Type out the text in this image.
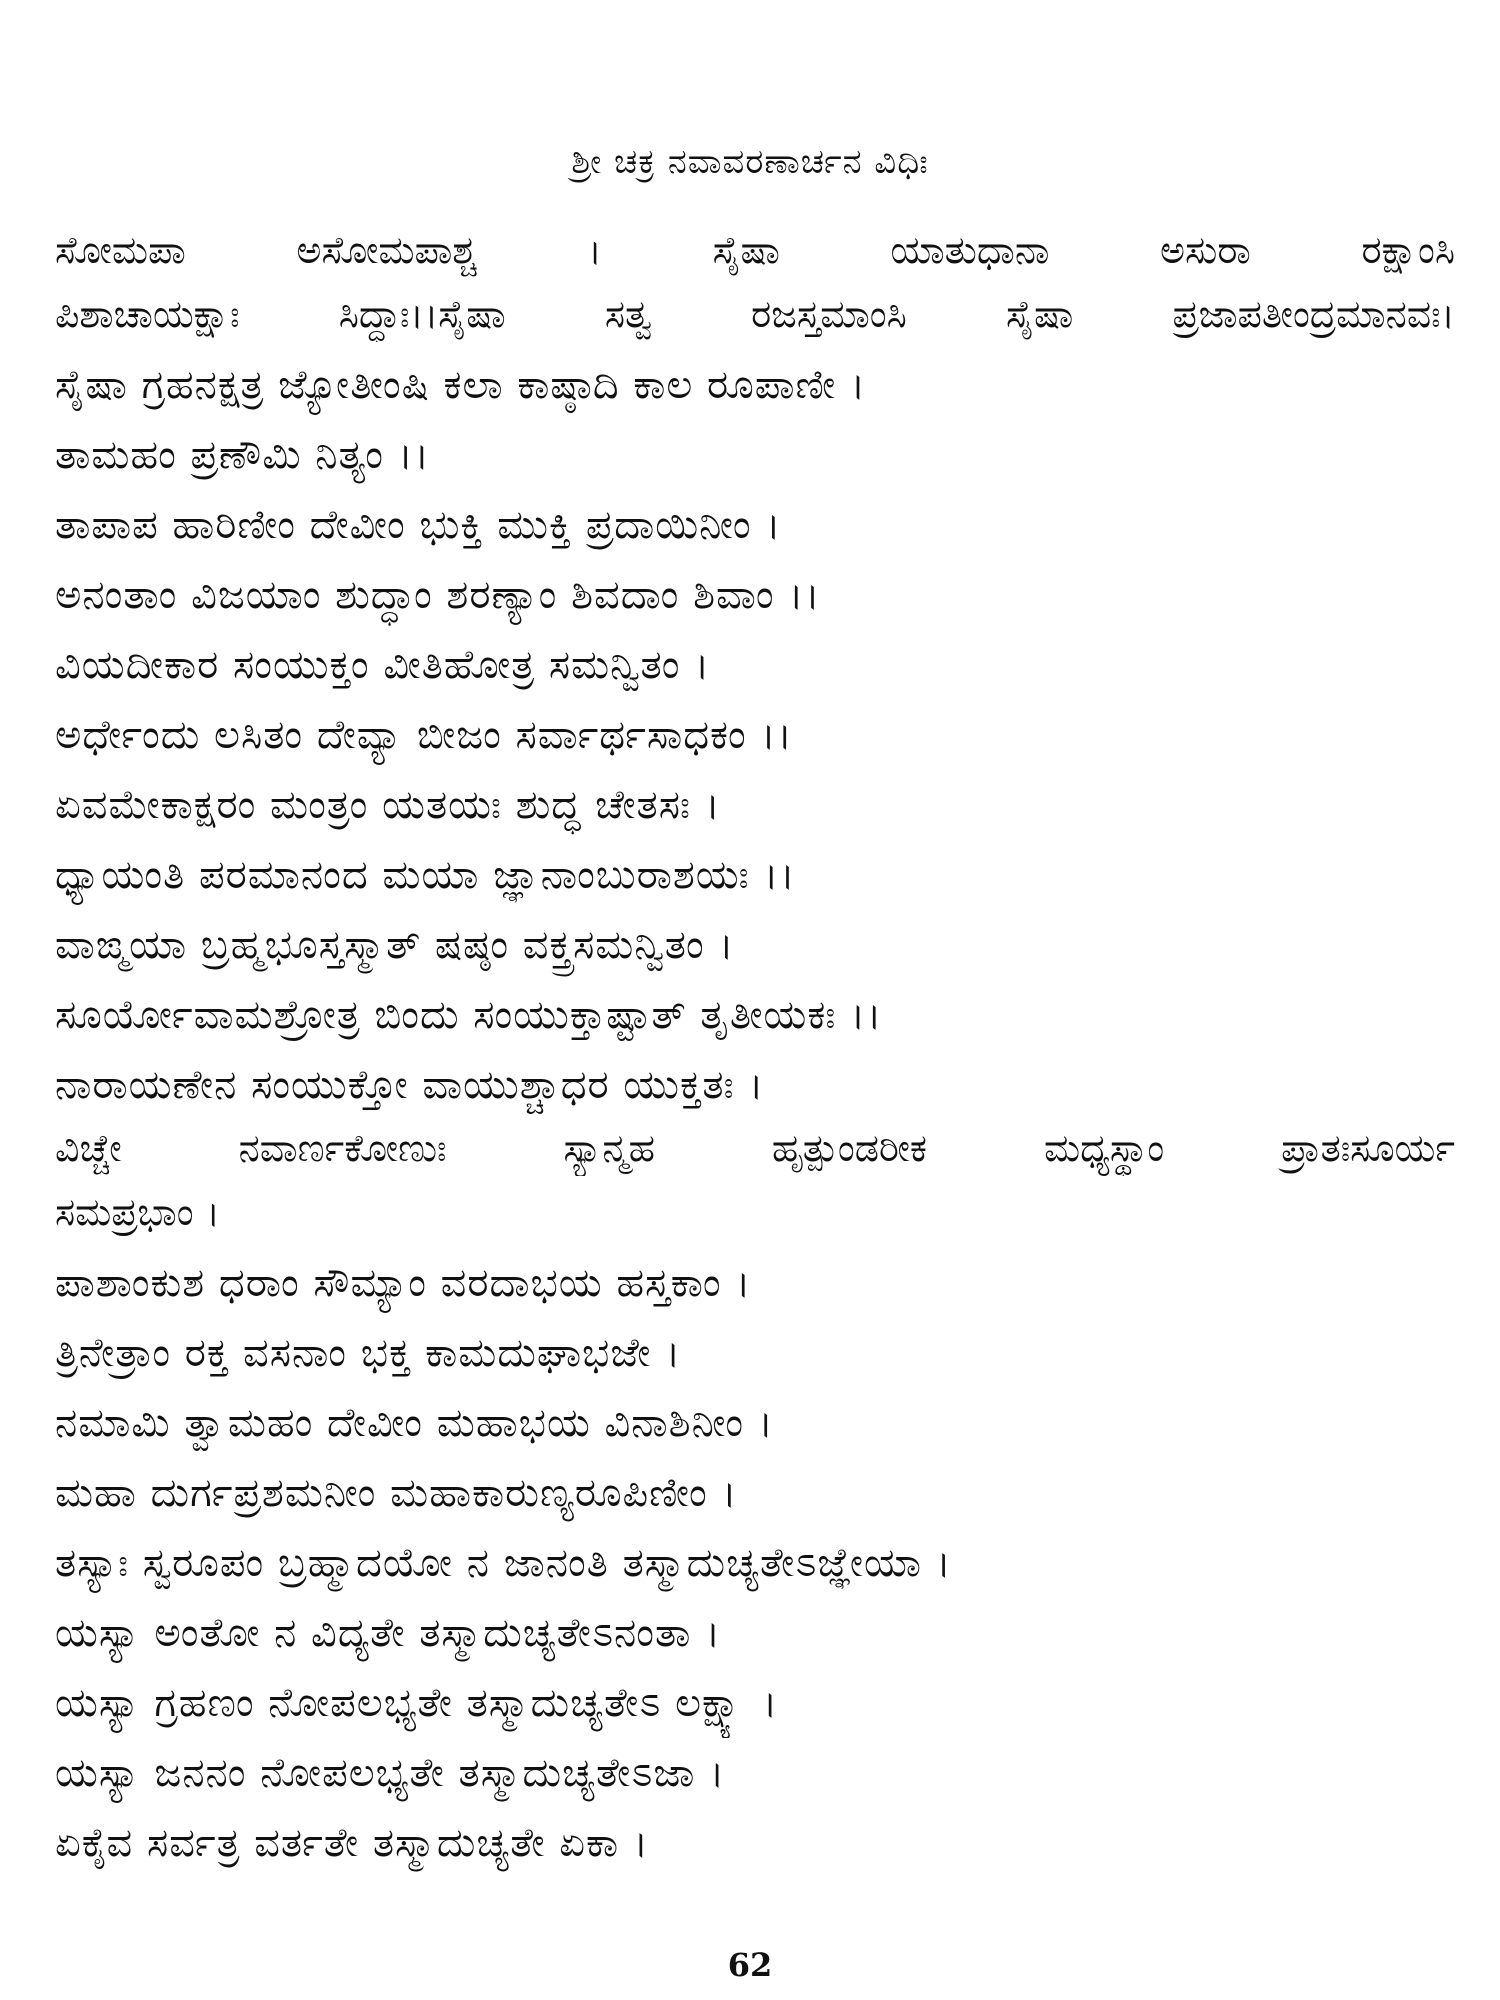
ಶ್ರೀ ಚಕ್ರ ನವಾವರಣಾರ್ಚನ ವಿಧಿಃ
ಸೋಮಪಾ ಅಸೋಮಪಾಶ್ಚ । ಸೈಷಾ ಯಾತುಧಾನಾ ಅಸುರಾ ರಕ್ಷಾಂಸಿ
ಪಿಶಾಚಾಯಕ್ಷಾಃ ಸಿದ್ಧಾಃ।।ಸೈಷಾ ಸತ್ವ ರಜಸ್ತಮಾಂಸಿ ಸೈಷಾ ಪ್ರಜಾಪತೀಂದ್ರಮಾನವಃ।
ಸೈಷಾ ಗ್ರಹನಕ್ಷತ್ರ ಜ್ಯೋತೀಂಷಿ ಕಲಾ ಕಾಷ್ಠಾದಿ ಕಾಲ ರೂಪಾಣೀ ।
ತಾಮಹಂ ಪ್ರಣೌಮಿ ನಿತ್ಯಂ ।।
ತಾಪಾಪ ಹಾರಿಣೀಂ ದೇವೀಂ ಭುಕ್ತಿ ಮುಕ್ತಿ ಪ್ರದಾಯಿನೀಂ ।
ಅನಂತಾಂ ವಿಜಯಾಂ ಶುದ್ಧಾಂ ಶರಣ್ಯಾಂ ಶಿವದಾಂ ಶಿವಾಂ ।।
ವಿಯದೀಕಾರ ಸಂಯುಕ್ತಂ ವೀತಿಹೋತ್ರ ಸಮನ್ವಿತಂ ।
ಅರ್ಧೇಂದು ಲಸಿತಂ ದೇವ್ಯಾ ಬೀಜಂ ಸರ್ವಾರ್ಥಸಾಧಕಂ ।।
ಏವಮೇಕಾಕ್ಷರಂ ಮಂತ್ರಂ ಯತಯಃ ಶುದ್ಧ ಚೇತಸಃ ।
ಧ್ಯಾಯಂತಿ ಪರಮಾನಂದ ಮಯಾ ಜ್ಞಾನಾಂಬುರಾಶಯಃ ।।
ವಾಙ್ಮಯಾ ಬ್ರಹ್ಮಭೂಸ್ತಸ್ಮಾತ್ ಷಷ್ಠಂ ವಕ್ತ್ರಸಮನ್ವಿತಂ ।
ಸೂರ್ಯೋವಾಮಶ್ರೋತ್ರ ಬಿಂದು ಸಂಯುಕ್ತಾಷ್ಟಾತ್ ತೃತೀಯಕಃ ।।
ನಾರಾಯಣೇನ ಸಂಯುಕ್ತೋ ವಾಯುಶ್ಚಾಧರ ಯುಕ್ತತಃ ।
ವಿಚ್ಚೇ ನವಾರ್ಣಕೋಣುಃ ಸ್ಯಾನ್ಮಹ ಹೃತ್ಪುಂಡರೀಕ ಮಧ್ಯಸ್ಥಾಂ ಪ್ರಾತಃಸೂರ್ಯ
ಸಮಪ್ರಭಾಂ ।
ಪಾಶಾಂಕುಶ ಧರಾಂ ಸೌಮ್ಯಾಂ ವರದಾಭಯ ಹಸ್ತಕಾಂ ।
ತ್ರಿನೇತ್ರಾಂ ರಕ್ತ ವಸನಾಂ ಭಕ್ತ ಕಾಮದುಘಾಭಜೇ ।
ನಮಾಮಿ ತ್ವಾಮಹಂ ದೇವೀಂ ಮಹಾಭಯ ವಿನಾಶಿನೀಂ ।
ಮಹಾ ದುರ್ಗಪ್ರಶಮನೀಂ ಮಹಾಕಾರುಣ್ಯರೂಪಿಣೀಂ ।
ತಸ್ಯಾಃ ಸ್ವರೂಪಂ ಬ್ರಹ್ಮಾದಯೋ ನ ಜಾನಂತಿ ತಸ್ಮಾದುಚ್ಯತೇಽಜ್ಞೇಯಾ ।
ಯಸ್ಯಾ ಅಂತೋ ನ ವಿದ್ಯತೇ ತಸ್ಮಾದುಚ್ಯತೇಽನಂತಾ ।
ಯಸ್ಯಾ ಗ್ರಹಣಂ ನೋಪಲಭ್ಯತೇ ತಸ್ಮಾದುಚ್ಯತೇಽ ಲಕ್ಷ್ಯಾ ।
ಯಸ್ಯಾ ಜನನಂ ನೋಪಲಭ್ಯತೇ ತಸ್ಮಾದುಚ್ಯತೇಽಜಾ ।
ಏಕೈವ ಸರ್ವತ್ರ ವರ್ತತೇ ತಸ್ಮಾದುಚ್ಯತೇ ಏಕಾ ।
62
